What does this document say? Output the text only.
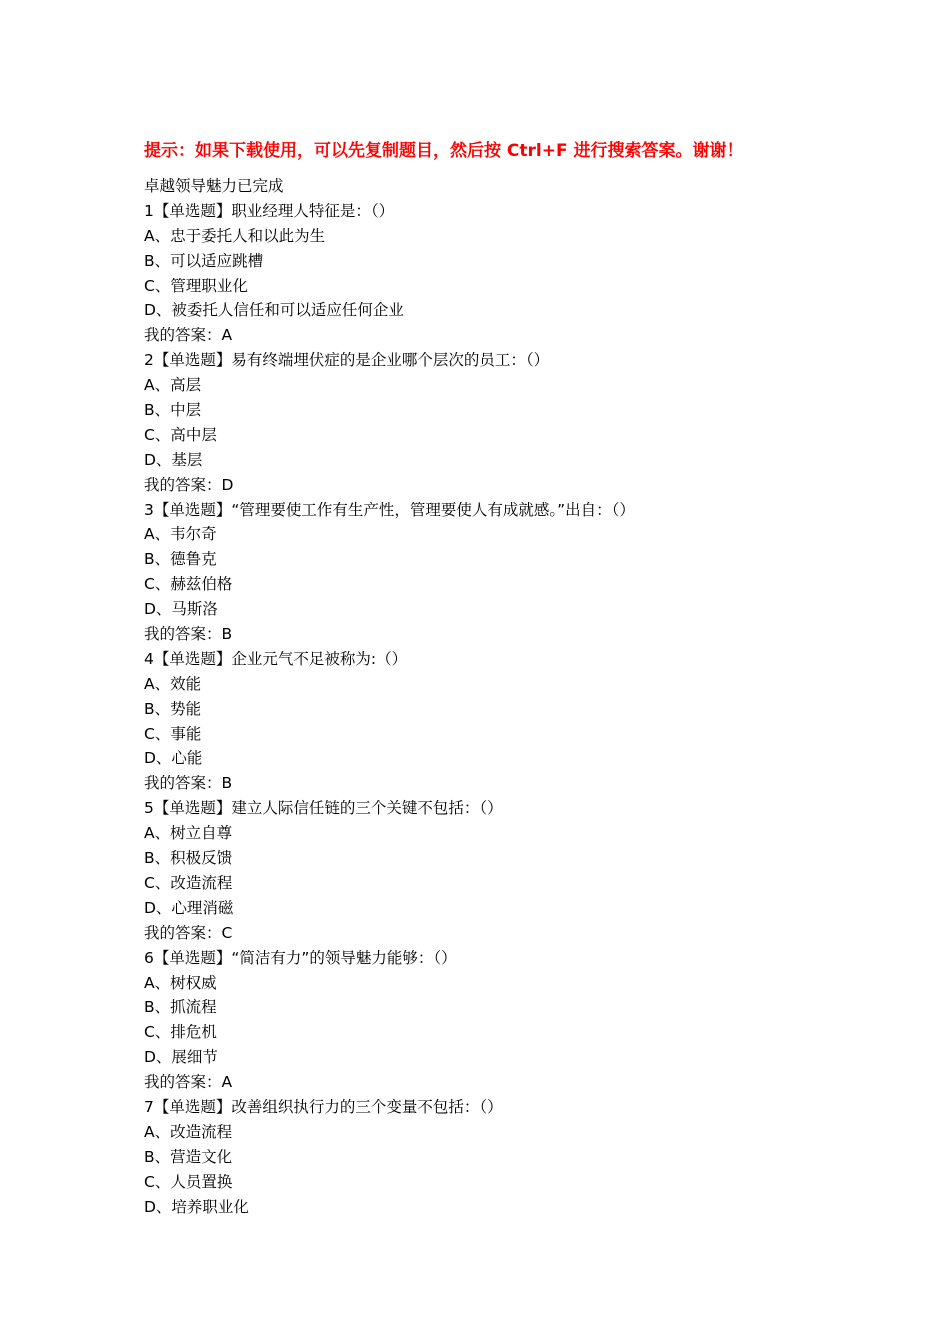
提示：如果下载使用，可以先复制题目，然后按 Ctrl+F 进行搜索答案。谢谢！
卓越领导魅力已完成
1【单选题】职业经理人特征是：（）
A、忠于委托人和以此为生
B、可以适应跳槽
C、管理职业化
D、被委托人信任和可以适应任何企业
我的答案：A
2【单选题】易有终端埋伏症的是企业哪个层次的员工：（）
A、高层
B、中层
C、高中层
D、基层
我的答案：D
3【单选题】“管理要使工作有生产性，管理要使人有成就感。”出自：（）
A、韦尔奇
B、德鲁克
C、赫兹伯格
D、马斯洛
我的答案：B
4【单选题】企业元气不足被称为:（）
A、效能
B、势能
C、事能
D、心能
我的答案：B
5【单选题】建立人际信任链的三个关键不包括：（）
A、树立自尊
B、积极反馈
C、改造流程
D、心理消磁
我的答案：C
6【单选题】“简洁有力”的领导魅力能够：（）
A、树权威
B、抓流程
C、排危机
D、展细节
我的答案：A
7【单选题】改善组织执行力的三个变量不包括：（）
A、改造流程
B、营造文化
C、人员置换
D、培养职业化
